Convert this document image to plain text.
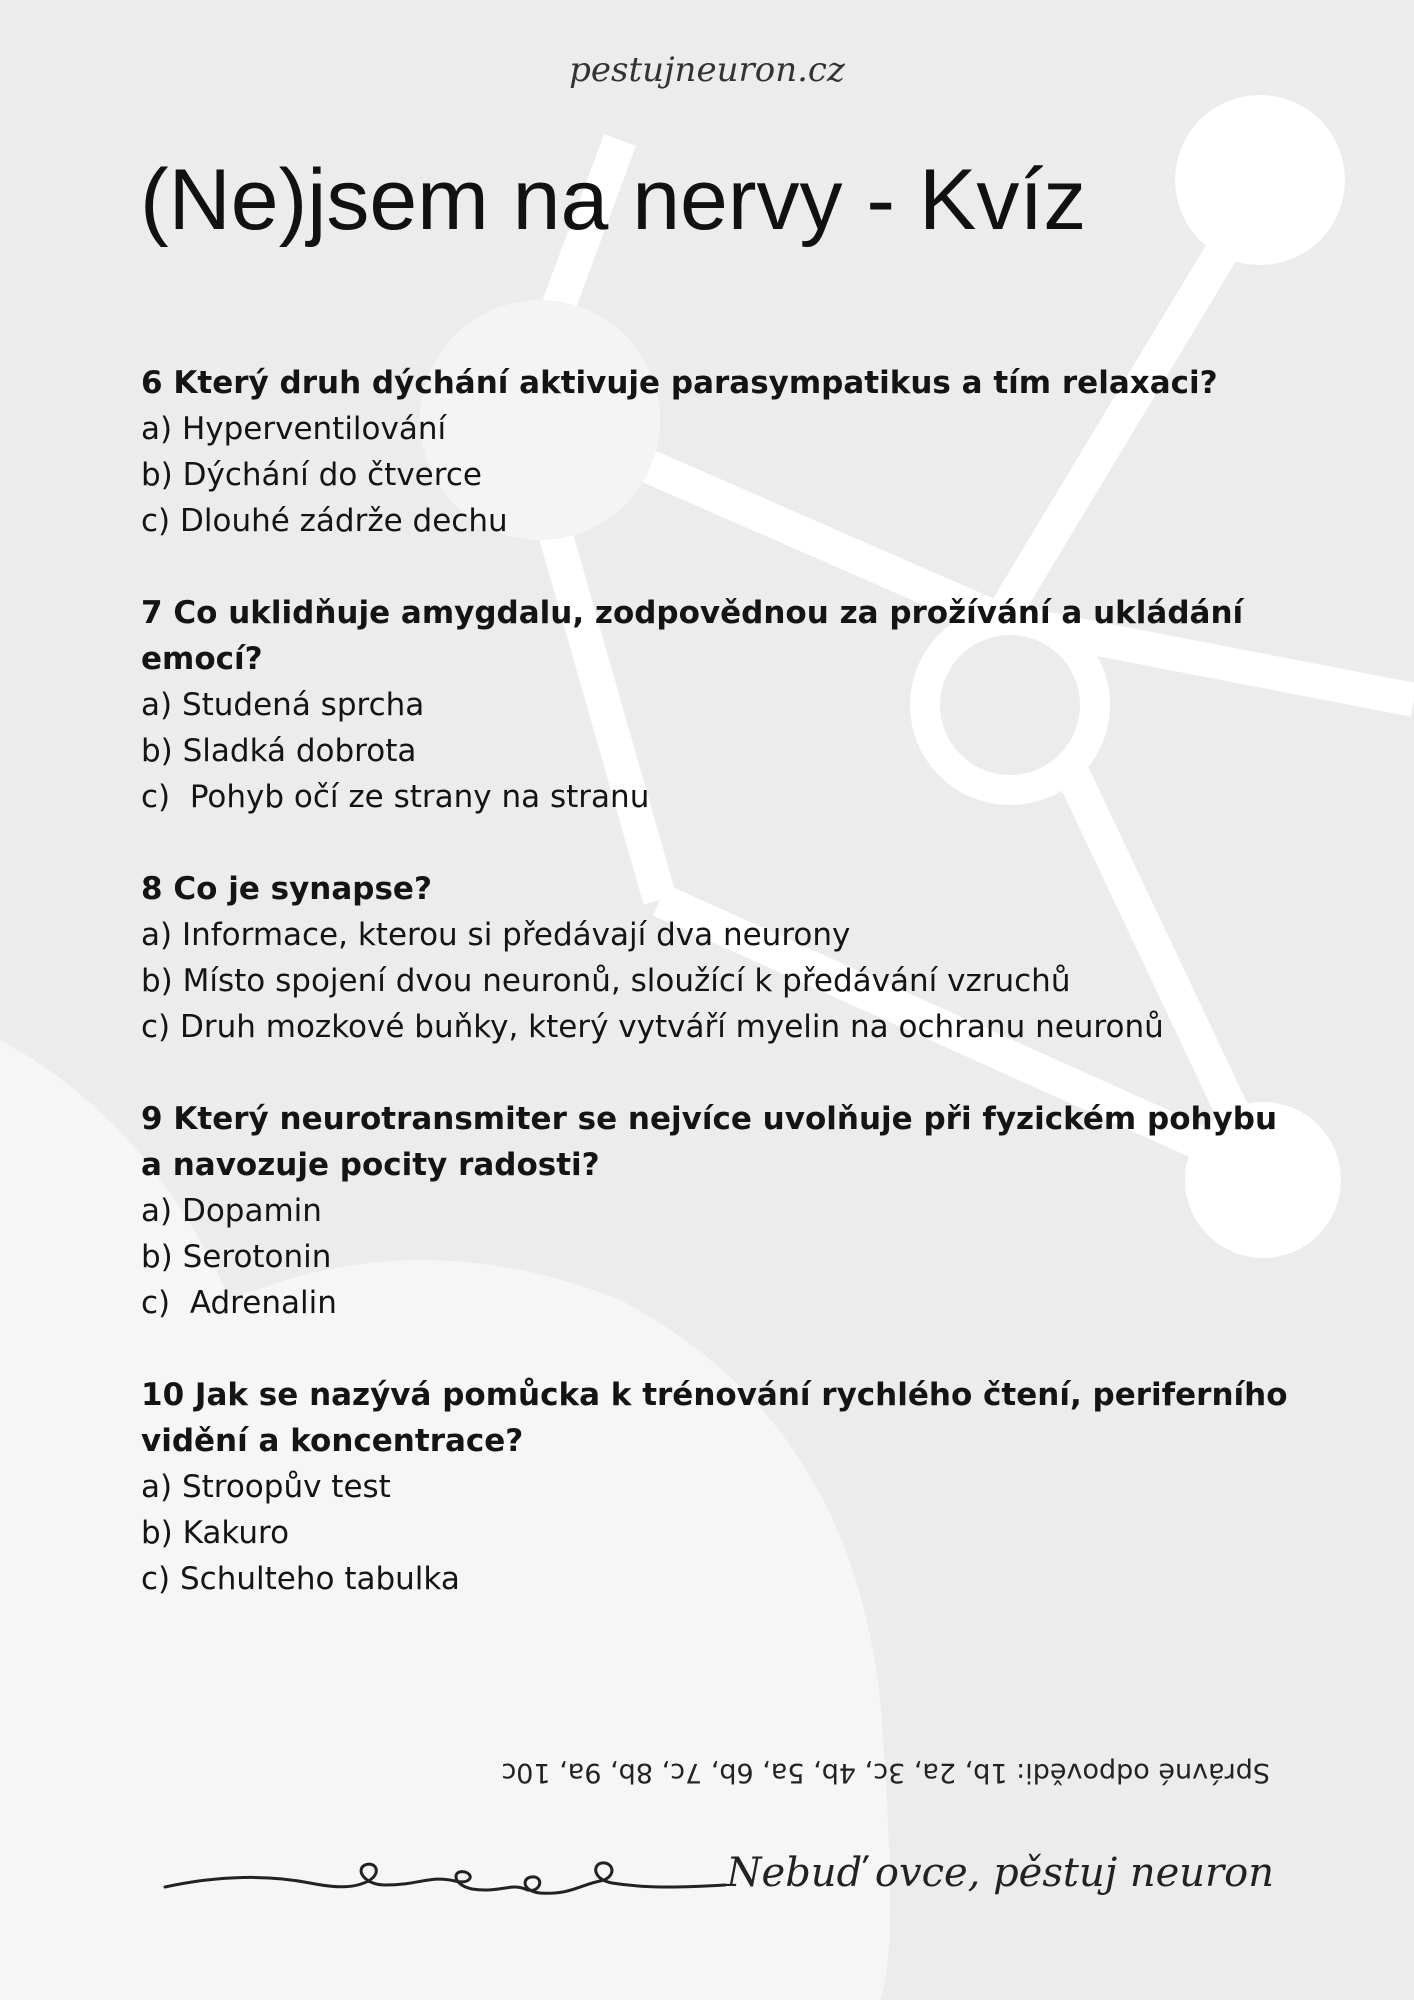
pestujneuron.cz
(Ne)jsem na nervy - Kvíz

6 Který druh dýchání aktivuje parasympatikus a tím relaxaci?

a) Hyperventilování

b) Dýchání do čtverce

c) Dlouhé zádrže dechu

7 Co uklidňuje amygdalu, zodpovědnou za prožívání a ukládání emocí?

a) Studená sprcha

b) Sladká dobrota

c)  Pohyb očí ze strany na stranu

8 Co je synapse?

a) Informace, kterou si předávají dva neurony

b) Místo spojení dvou neuronů, sloužící k předávání vzruchů

c) Druh mozkové buňky, který vytváří myelin na ochranu neuronů

9 Který neurotransmiter se nejvíce uvolňuje při fyzickém pohybu a navozuje pocity radosti?

a) Dopamin

b) Serotonin

c)  Adrenalin

10 Jak se nazývá pomůcka k trénování rychlého čtení, periferního vidění a koncentrace?

a) Stroopův test

b) Kakuro

c) Schulteho tabulka

Správné odpovědi: 1b, 2a, 3c, 4b, 5a, 6b, 7c, 8b, 9a, 10c
Nebuď ovce, pěstuj neuron
